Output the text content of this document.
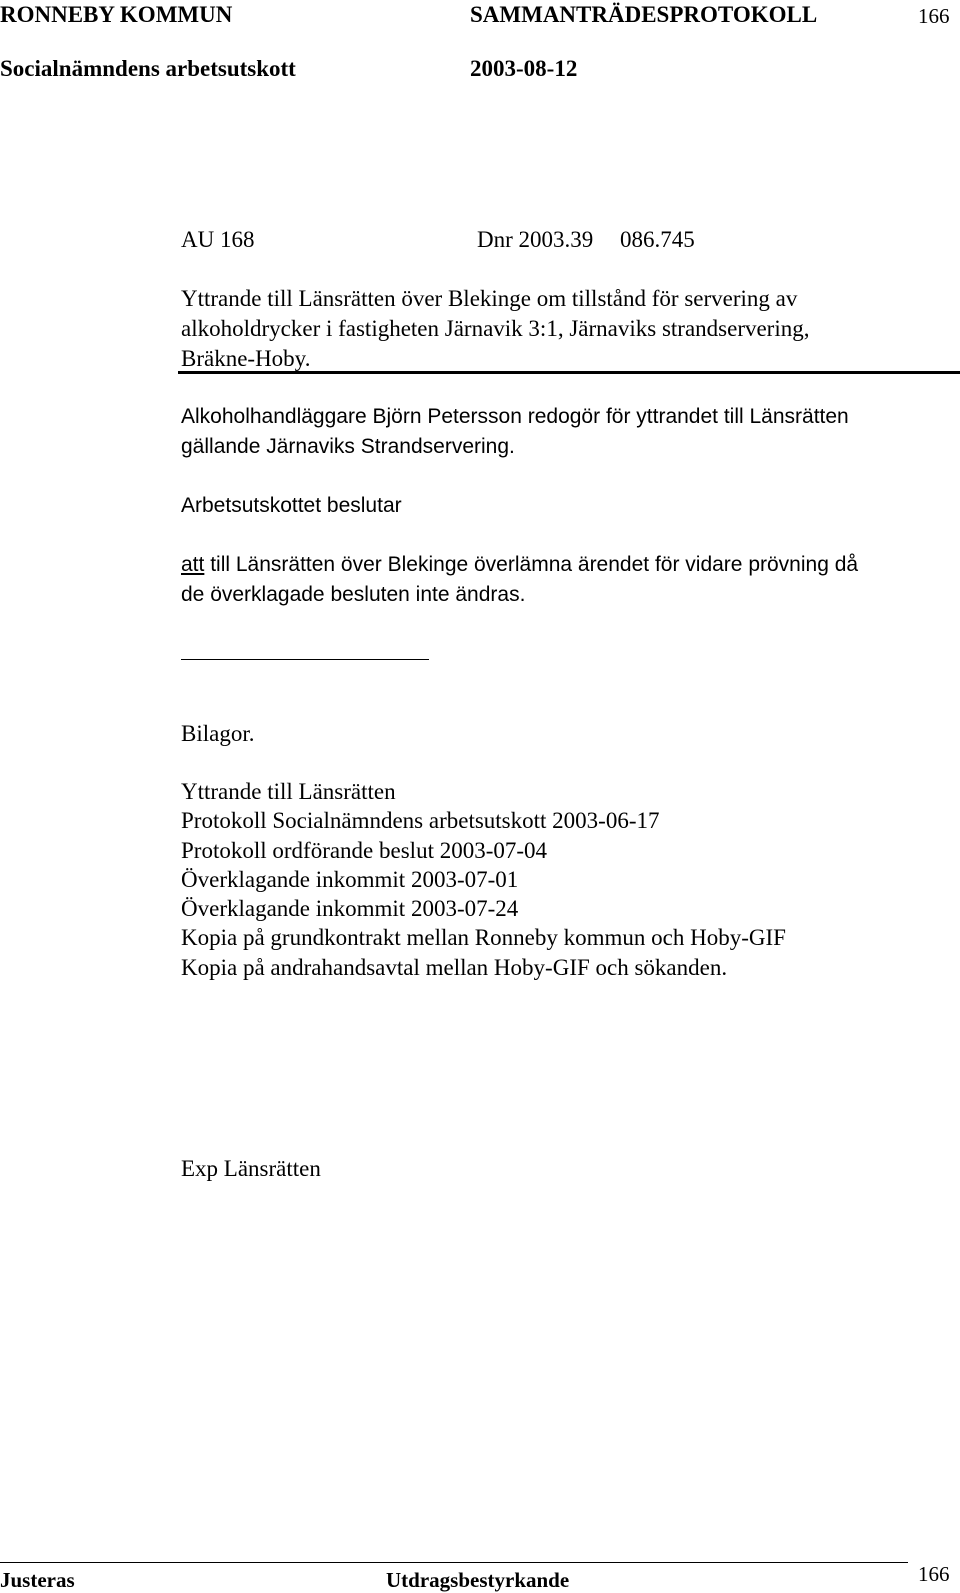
RONNEBY KOMMUN	SAMMANTRÄDESPROTOKOLL	166
Socialnämndens arbetsutskott	2003-08-12
AU 168	Dnr 2003.39 086.745
Yttrande till Länsrätten över Blekinge om tillstånd för servering av
alkoholdrycker i fastigheten Järnavik 3:1, Järnaviks strandservering,
Bräkne-Hoby.
Alkoholhandläggare Björn Petersson redogör för yttrandet till Länsrätten
gällande Järnaviks Strandservering.
Arbetsutskottet beslutar
att till Länsrätten över Blekinge överlämna ärendet för vidare prövning då
de överklagade besluten inte ändras.
Bilagor.
Yttrande till Länsrätten
Protokoll Socialnämndens arbetsutskott 2003-06-17
Protokoll ordförande beslut 2003-07-04
Överklagande inkommit 2003-07-01
Överklagande inkommit 2003-07-24
Kopia på grundkontrakt mellan Ronneby kommun och Hoby-GIF
Kopia på andrahandsavtal mellan Hoby-GIF och sökanden.
Exp Länsrätten
Justeras	Utdragsbestyrkande	166
